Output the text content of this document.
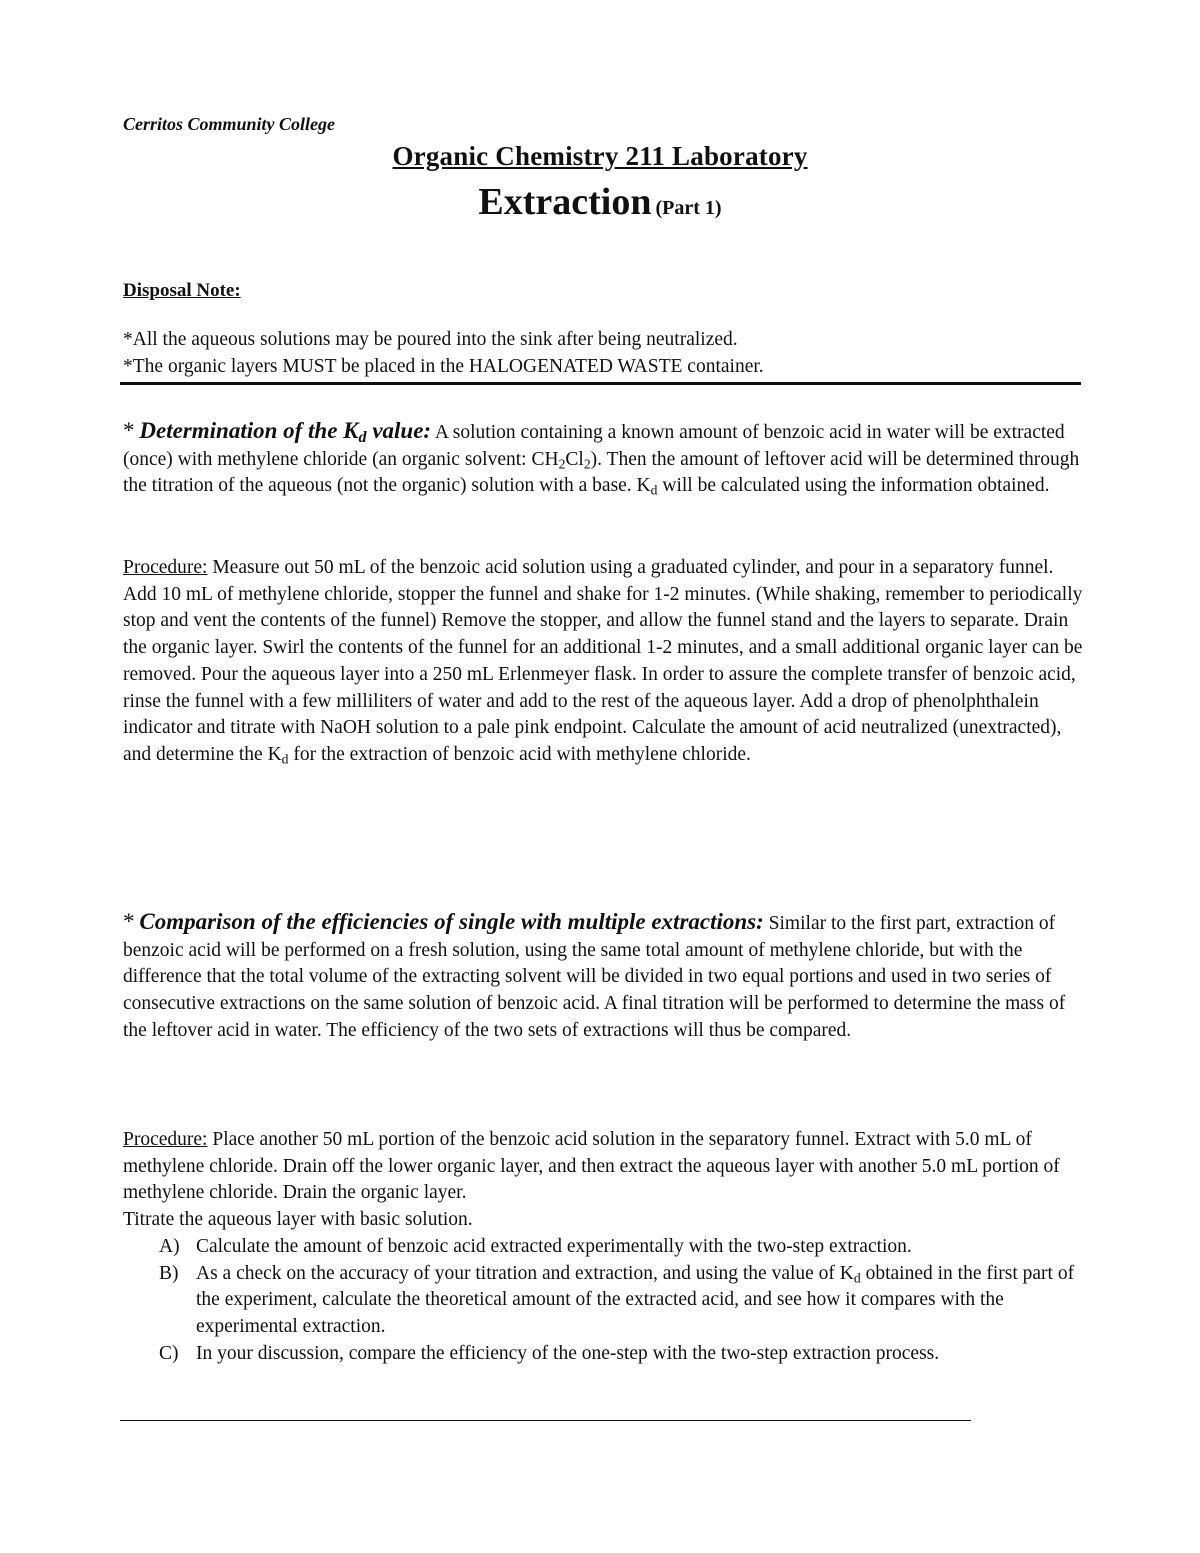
Cerritos Community College
Organic Chemistry 211 Laboratory
Extraction (Part 1)
Disposal Note:

*All the aqueous solutions may be poured into the sink after being neutralized.

*The organic layers MUST be placed in the HALOGENATED WASTE container.

* Determination of the $K_d$ value: A solution containing a known amount of benzoic acid in water will be extracted (once) with methylene chloride (an organic solvent: $CH_2Cl_2$). Then the amount of leftover acid will be determined through the titration of the aqueous (not the organic) solution with a base. $K_d$ will be calculated using the information obtained.
Procedure: Measure out 50 mL of the benzoic acid solution using a graduated cylinder, and pour in a separatory funnel. Add 10 mL of methylene chloride, stopper the funnel and shake for 1-2 minutes. (While shaking, remember to periodically stop and vent the contents of the funnel) Remove the stopper, and allow the funnel stand and the layers to separate. Drain the organic layer. Swirl the contents of the funnel for an additional 1-2 minutes, and a small additional organic layer can be removed. Pour the aqueous layer into a 250 mL Erlenmeyer flask. In order to assure the complete transfer of benzoic acid, rinse the funnel with a few milliliters of water and add to the rest of the aqueous layer. Add a drop of phenolphthalein indicator and titrate with NaOH solution to a pale pink endpoint. Calculate the amount of acid neutralized (unextracted), and determine the $K_d$ for the extraction of benzoic acid with methylene chloride.
* Comparison of the efficiencies of single with multiple extractions: Similar to the first part, extraction of benzoic acid will be performed on a fresh solution, using the same total amount of methylene chloride, but with the difference that the total volume of the extracting solvent will be divided in two equal portions and used in two series of consecutive extractions on the same solution of benzoic acid. A final titration will be performed to determine the mass of the leftover acid in water. The efficiency of the two sets of extractions will thus be compared.

Procedure: Place another 50 mL portion of the benzoic acid solution in the separatory funnel. Extract with 5.0 mL of methylene chloride. Drain off the lower organic layer, and then extract the aqueous layer with another 5.0 mL portion of methylene chloride. Drain the organic layer.

Titrate the aqueous layer with basic solution.

A) Calculate the amount of benzoic acid extracted experimentally with the two-step extraction.
B) As a check on the accuracy of your titration and extraction, and using the value of $K_d$ obtained in the first part of the experiment, calculate the theoretical amount of the extracted acid, and see how it compares with the experimental extraction.
C) In your discussion, compare the efficiency of the one-step with the two-step extraction process.
